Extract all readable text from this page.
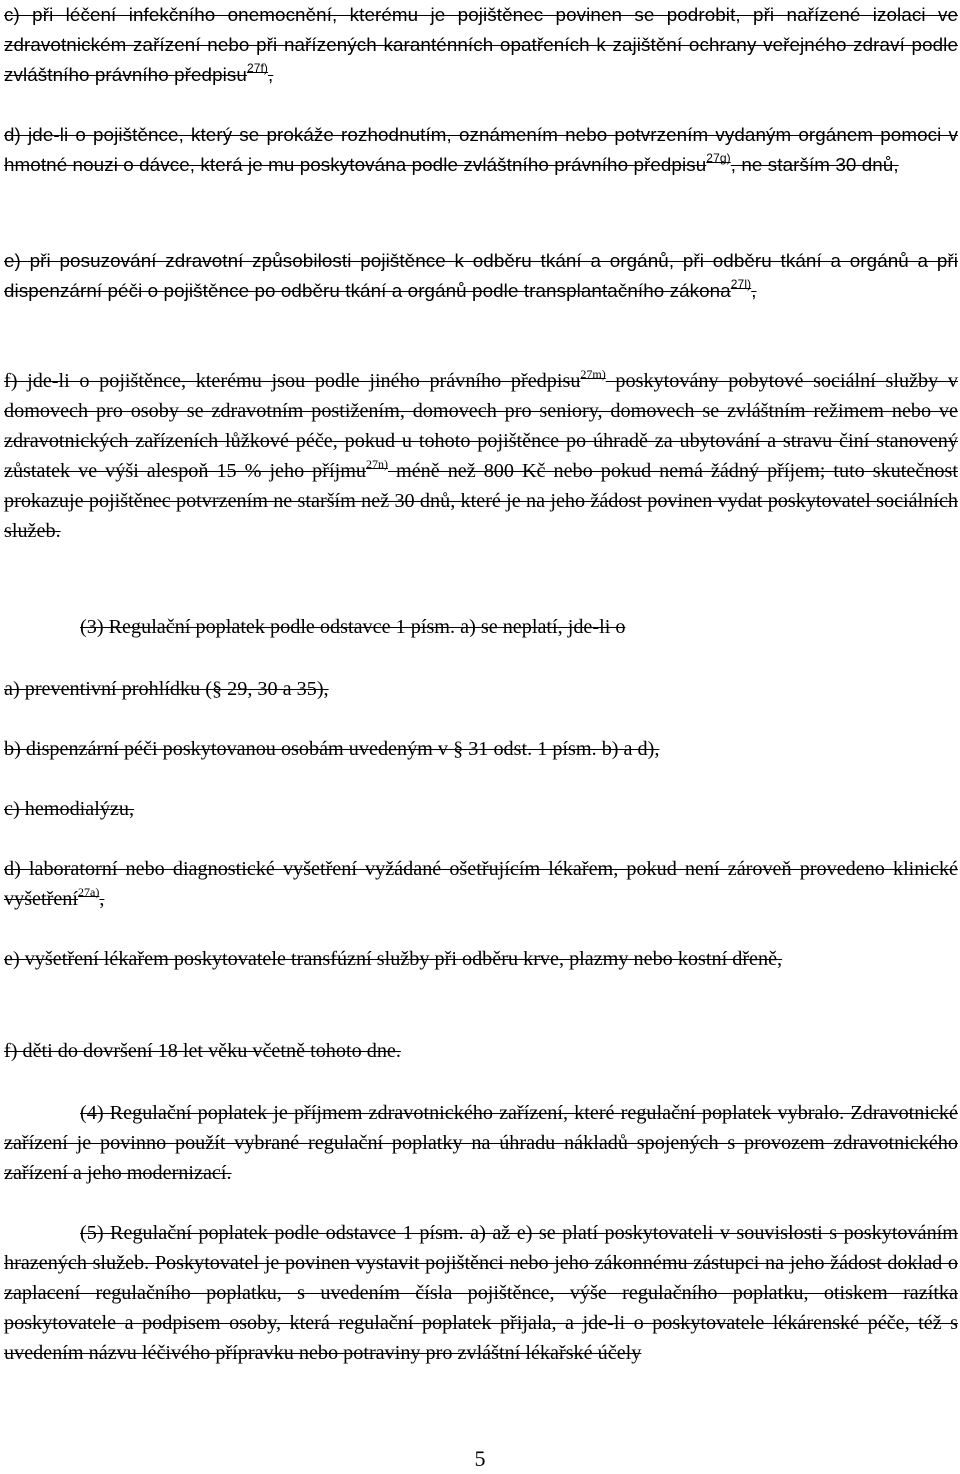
c) při léčení infekčního onemocnění, kterému je pojištěnec povinen se podrobit, při nařízené izolaci ve zdravotnickém zařízení nebo při nařízených karanténních opatřeních k zajištění ochrany veřejného zdraví podle zvláštního právního předpisu$^{27f)}$,
d) jde-li o pojištěnce, který se prokáže rozhodnutím, oznámením nebo potvrzením vydaným orgánem pomoci v hmotné nouzi o dávce, která je mu poskytována podle zvláštního právního předpisu$^{27g)}$, ne starším 30 dnů,
e) při posuzování zdravotní způsobilosti pojištěnce k odběru tkání a orgánů, při odběru tkání a orgánů a při dispenzární péči o pojištěnce po odběru tkání a orgánů podle transplantačního zákona$^{27l)}$,
f) jde-li o pojištěnce, kterému jsou podle jiného právního předpisu$^{27m)}$ poskytovány pobytové sociální služby v domovech pro osoby se zdravotním postižením, domovech pro seniory, domovech se zvláštním režimem nebo ve zdravotnických zařízeních lůžkové péče, pokud u tohoto pojištěnce po úhradě za ubytování a stravu činí stanovený zůstatek ve výši alespoň 15 % jeho příjmu$^{27n)}$ méně než 800 Kč nebo pokud nemá žádný příjem; tuto skutečnost prokazuje pojištěnec potvrzením ne starším než 30 dnů, které je na jeho žádost povinen vydat poskytovatel sociálních služeb.
(3) Regulační poplatek podle odstavce 1 písm. a) se neplatí, jde-li o
a) preventivní prohlídku (§ 29, 30 a 35),
b) dispenzární péči poskytovanou osobám uvedeným v § 31 odst. 1 písm. b) a d),
c) hemodialýzu,
d) laboratorní nebo diagnostické vyšetření vyžádané ošetřujícím lékařem, pokud není zároveň provedeno klinické vyšetření$^{27a)}$,
e) vyšetření lékařem poskytovatele transfúzní služby při odběru krve, plazmy nebo kostní dřeně,
f) děti do dovršení 18 let věku včetně tohoto dne.
(4) Regulační poplatek je příjmem zdravotnického zařízení, které regulační poplatek vybralo. Zdravotnické zařízení je povinno použít vybrané regulační poplatky na úhradu nákladů spojených s provozem zdravotnického zařízení a jeho modernizací.
(5) Regulační poplatek podle odstavce 1 písm. a) až e) se platí poskytovateli v souvislosti s poskytováním hrazených služeb. Poskytovatel je povinen vystavit pojištěnci nebo jeho zákonnému zástupci na jeho žádost doklad o zaplacení regulačního poplatku, s uvedením čísla pojištěnce, výše regulačního poplatku, otiskem razítka poskytovatele a podpisem osoby, která regulační poplatek přijala, a jde-li o poskytovatele lékárenské péče, též s uvedením názvu léčivého přípravku nebo potraviny pro zvláštní lékařské účely
5
